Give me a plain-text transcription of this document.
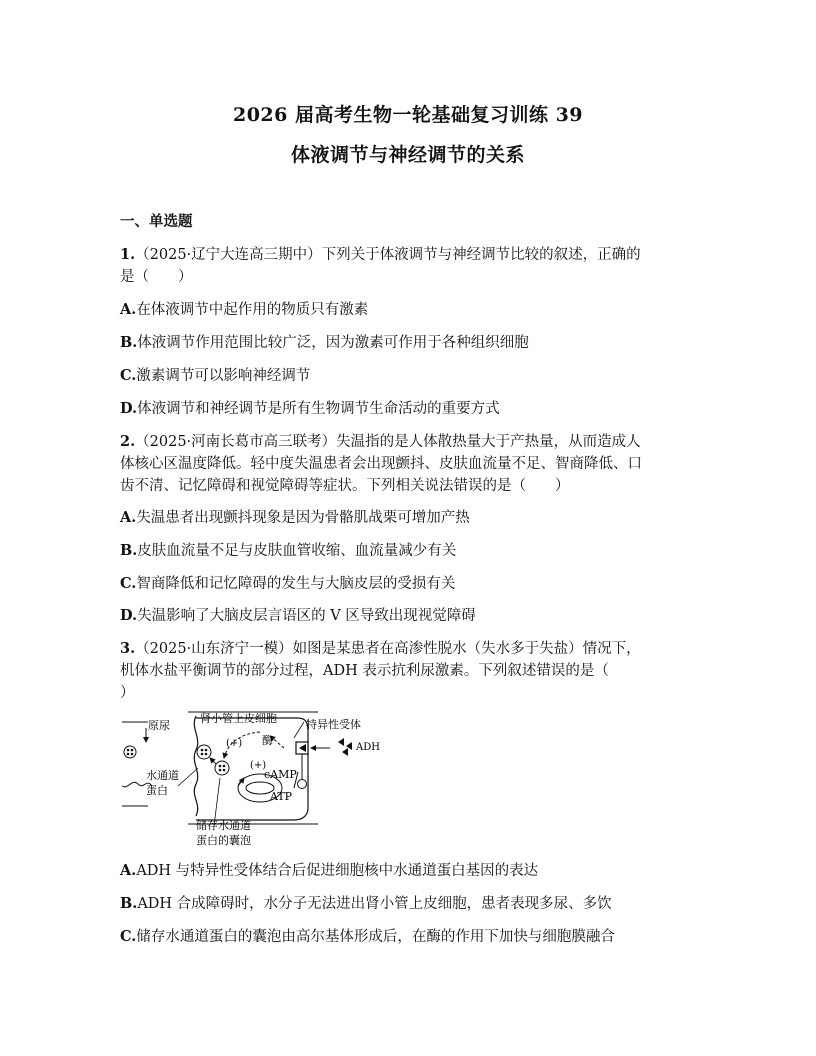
2026 届高考生物一轮基础复习训练 39
体液调节与神经调节的关系
一、单选题
1.（2025·辽宁大连高三期中）下列关于体液调节与神经调节比较的叙述，正确的
是（　　）
A.在体液调节中起作用的物质只有激素
B.体液调节作用范围比较广泛，因为激素可作用于各种组织细胞
C.激素调节可以影响神经调节
D.体液调节和神经调节是所有生物调节生命活动的重要方式
2.（2025·河南长葛市高三联考）失温指的是人体散热量大于产热量，从而造成人
体核心区温度降低。轻中度失温患者会出现颤抖、皮肤血流量不足、智商降低、口
齿不清、记忆障碍和视觉障碍等症状。下列相关说法错误的是（　　）
A.失温患者出现颤抖现象是因为骨骼肌战栗可增加产热
B.皮肤血流量不足与皮肤血管收缩、血流量减少有关
C.智商降低和记忆障碍的发生与大脑皮层的受损有关
D.失温影响了大脑皮层言语区的 V 区导致出现视觉障碍
3.（2025·山东济宁一模）如图是某患者在高渗性脱水（失水多于失盐）情况下，
机体水盐平衡调节的部分过程，ADH 表示抗利尿激素。下列叙述错误的是（
）
原尿
肾小管上皮细胞	特异性受体
ADH
(+)
(+)
酶
cAMP
ATP
水通道
蛋白
储存水通道
蛋白的囊泡
A.ADH 与特异性受体结合后促进细胞核中水通道蛋白基因的表达
B.ADH 合成障碍时，水分子无法进出肾小管上皮细胞，患者表现多尿、多饮
C.储存水通道蛋白的囊泡由高尔基体形成后，在酶的作用下加快与细胞膜融合
